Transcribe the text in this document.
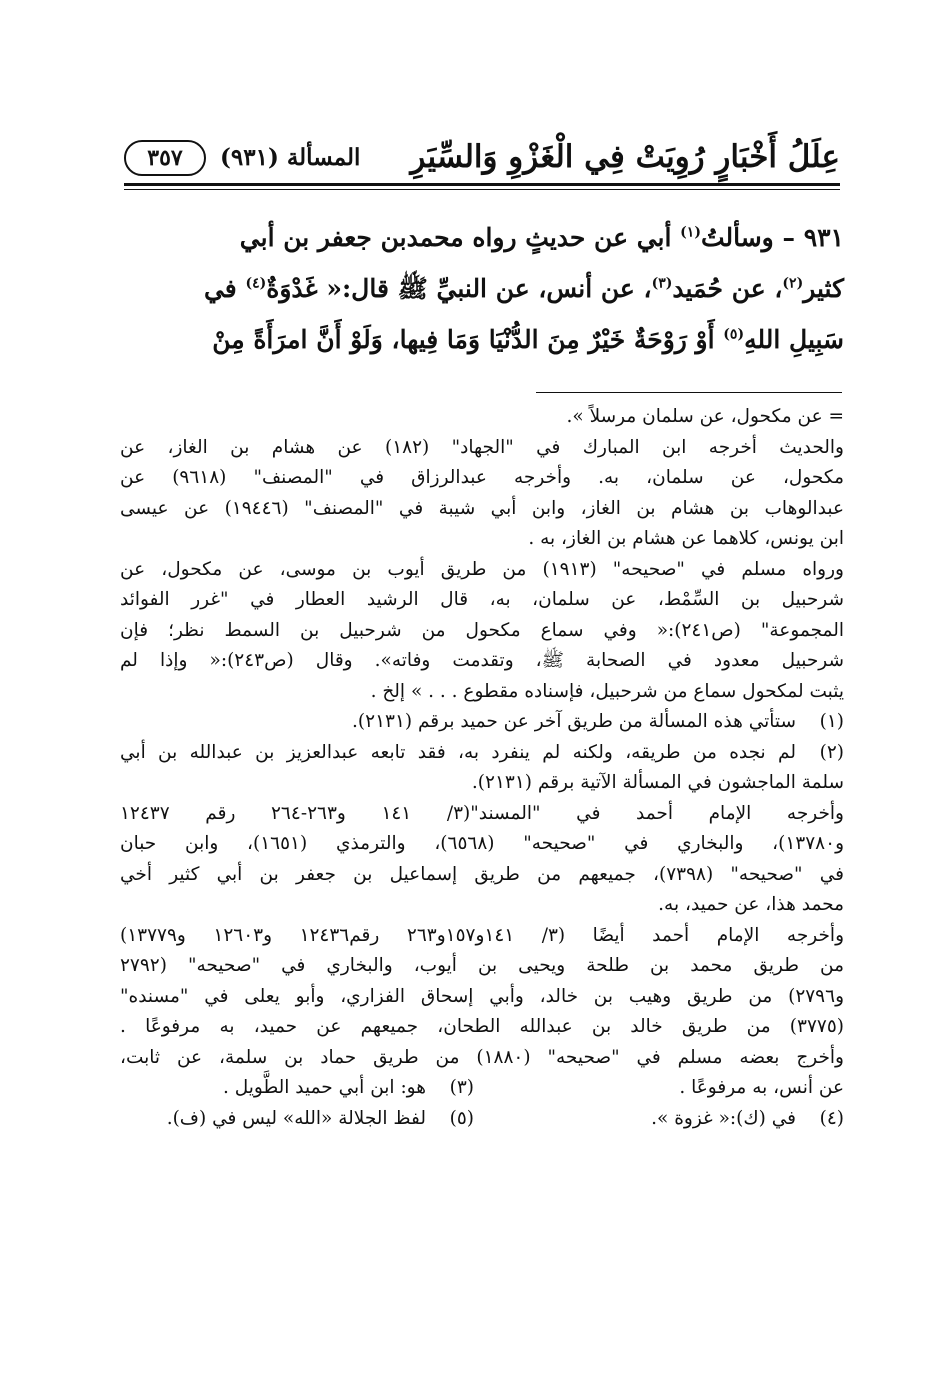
عِلَلُ أَخْبَارٍ رُوِيَتْ فِي الْغَزْوِ وَالسِّيَرِ
المسألة (٩٣١)
٣٥٧

٩٣١ – وسألتُ$^{(١)}$ أبي عن حديثٍ رواه محمدبن جعفر بن أبي

كثير$^{(٢)}$، عن حُمَيد$^{(٣)}$، عن أنس، عن النبيِّ ﷺ قال:« غَدْوَةٌ$^{(٤)}$ في

سَبِيلِ اللهِ$^{(٥)}$ أَوْ رَوْحَةٌ خَيْرٌ مِنَ الدُّنْيَا وَمَا فِيها، وَلَوْ أَنَّ امرَأَةً مِنْ

= عن مكحول، عن سلمان مرسلاً ».
والحديث أخرجه ابن المبارك في "الجهاد" (١٨٢) عن هشام بن الغاز، عن
مكحول، عن سلمان، به. وأخرجه عبدالرزاق في "المصنف" (٩٦١٨) عن
عبدالوهاب بن هشام بن الغاز، وابن أبي شيبة في "المصنف" (١٩٤٤٦) عن عيسى
ابن يونس، كلاهما عن هشام بن الغاز، به .
ورواه مسلم في "صحيحه" (١٩١٣) من طريق أيوب بن موسى، عن مكحول، عن
شرحبيل بن السِّمْط، عن سلمان، به، قال الرشيد العطار في "غرر الفوائد
المجموعة" (ص٢٤١):« وفي سماع مكحول من شرحبيل بن السمط نظر؛ فإن
شرحبيل معدود في الصحابة ﷺ، وتقدمت وفاته». وقال (ص٢٤٣):« وإذا لم
يثبت لمكحول سماع من شرحبيل، فإسناده مقطوع . . . » إلخ .
(١)
ستأتي هذه المسألة من طريق آخر عن حميد برقم (٢١٣١).
(٢)
لم نجده من طريقه، ولكنه لم ينفرد به، فقد تابعه عبدالعزيز بن عبدالله بن أبي
سلمة الماجشون في المسألة الآتية برقم (٢١٣١).
وأخرجه الإمام أحمد في "المسند"(٣/ ١٤١ و٢٦٣-٢٦٤ رقم ١٢٤٣٧
و١٣٧٨٠)، والبخاري في "صحيحه" (٦٥٦٨)، والترمذي (١٦٥١)، وابن حبان
في "صحيحه" (٧٣٩٨)، جميعهم من طريق إسماعيل بن جعفر بن أبي كثير أخي
محمد هذا، عن حميد، به.
وأخرجه الإمام أحمد أيضًا (٣/ ١٤١و١٥٧و٢٦٣ رقم١٢٤٣٦ و١٢٦٠٣ و١٣٧٧٩)
من طريق محمد بن طلحة ويحيى بن أيوب، والبخاري في "صحيحه" (٢٧٩٢
و٢٧٩٦) من طريق وهيب بن خالد، وأبي إسحاق الفزاري، وأبو يعلى في "مسنده"
(٣٧٧٥) من طريق خالد بن عبدالله الطحان، جميعهم عن حميد، به مرفوعًا .
وأخرج بعضه مسلم في "صحيحه" (١٨٨٠) من طريق حماد بن سلمة، عن ثابت،
عن أنس، به مرفوعًا .
(٣)هو: ابن أبي حميد الطَّويل .
(٤)في (ك):« غزوة ».
(٥)لفظ الجلالة «الله» ليس في (ف).
